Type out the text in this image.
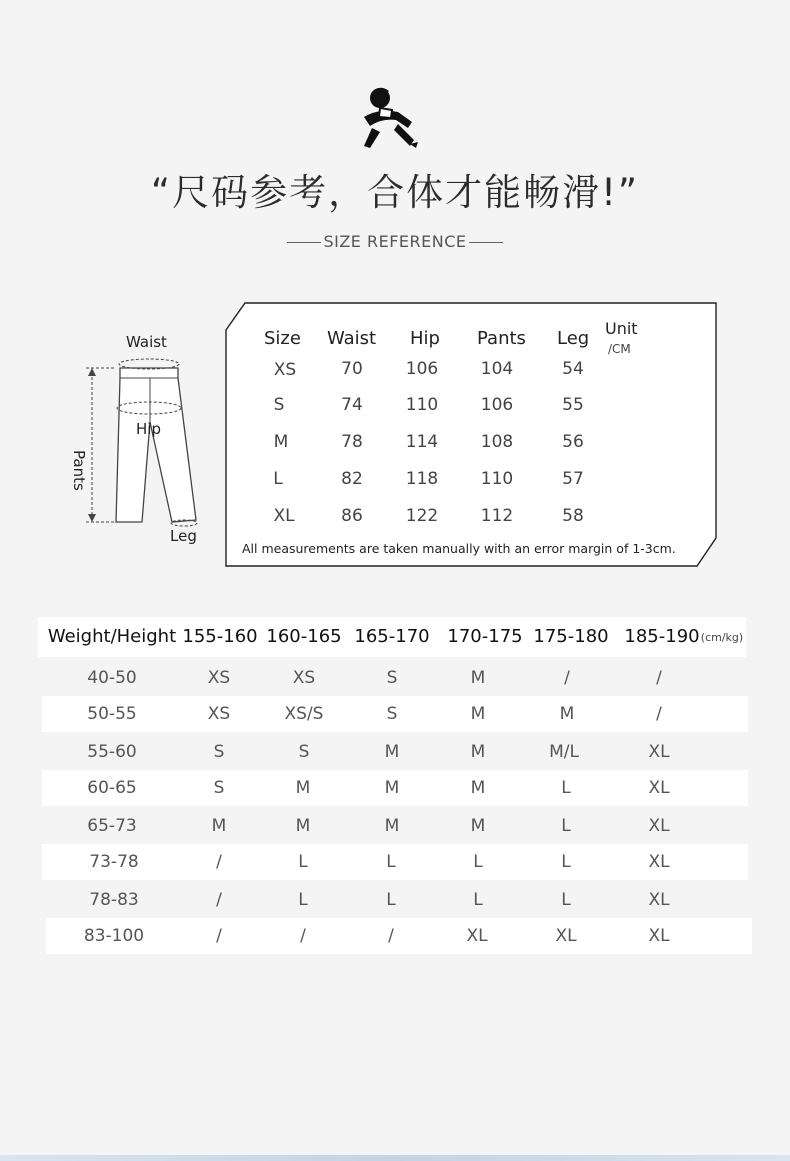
“尺码参考，合体才能畅滑!”
SIZE REFERENCE
Waist
Hip
Pants
Leg
Size Waist Hip Pants Leg Unit
/CM
XS	70	106	104	54
S	74	110	106	55
M	78	114	108	56
L	82	118	110	57
XL	86	122	112	58
All measurements are taken manually with an error margin of 1-3cm.
Weight/Height 155-160 160-165 165-170 170-175 175-180 185-190 (cm/kg)
40-50	XS	XS	S	M	/	/
50-55	XS	XS/S	S	M	M	/
55-60	S	S	M	M	M/L	XL
60-65	S	M	M	M	L	XL
65-73	M	M	M	M	L	XL
73-78	/	L	L	L	L	XL
78-83	/	L	L	L	L	XL
83-100	/	/	/	XL	XL	XL
